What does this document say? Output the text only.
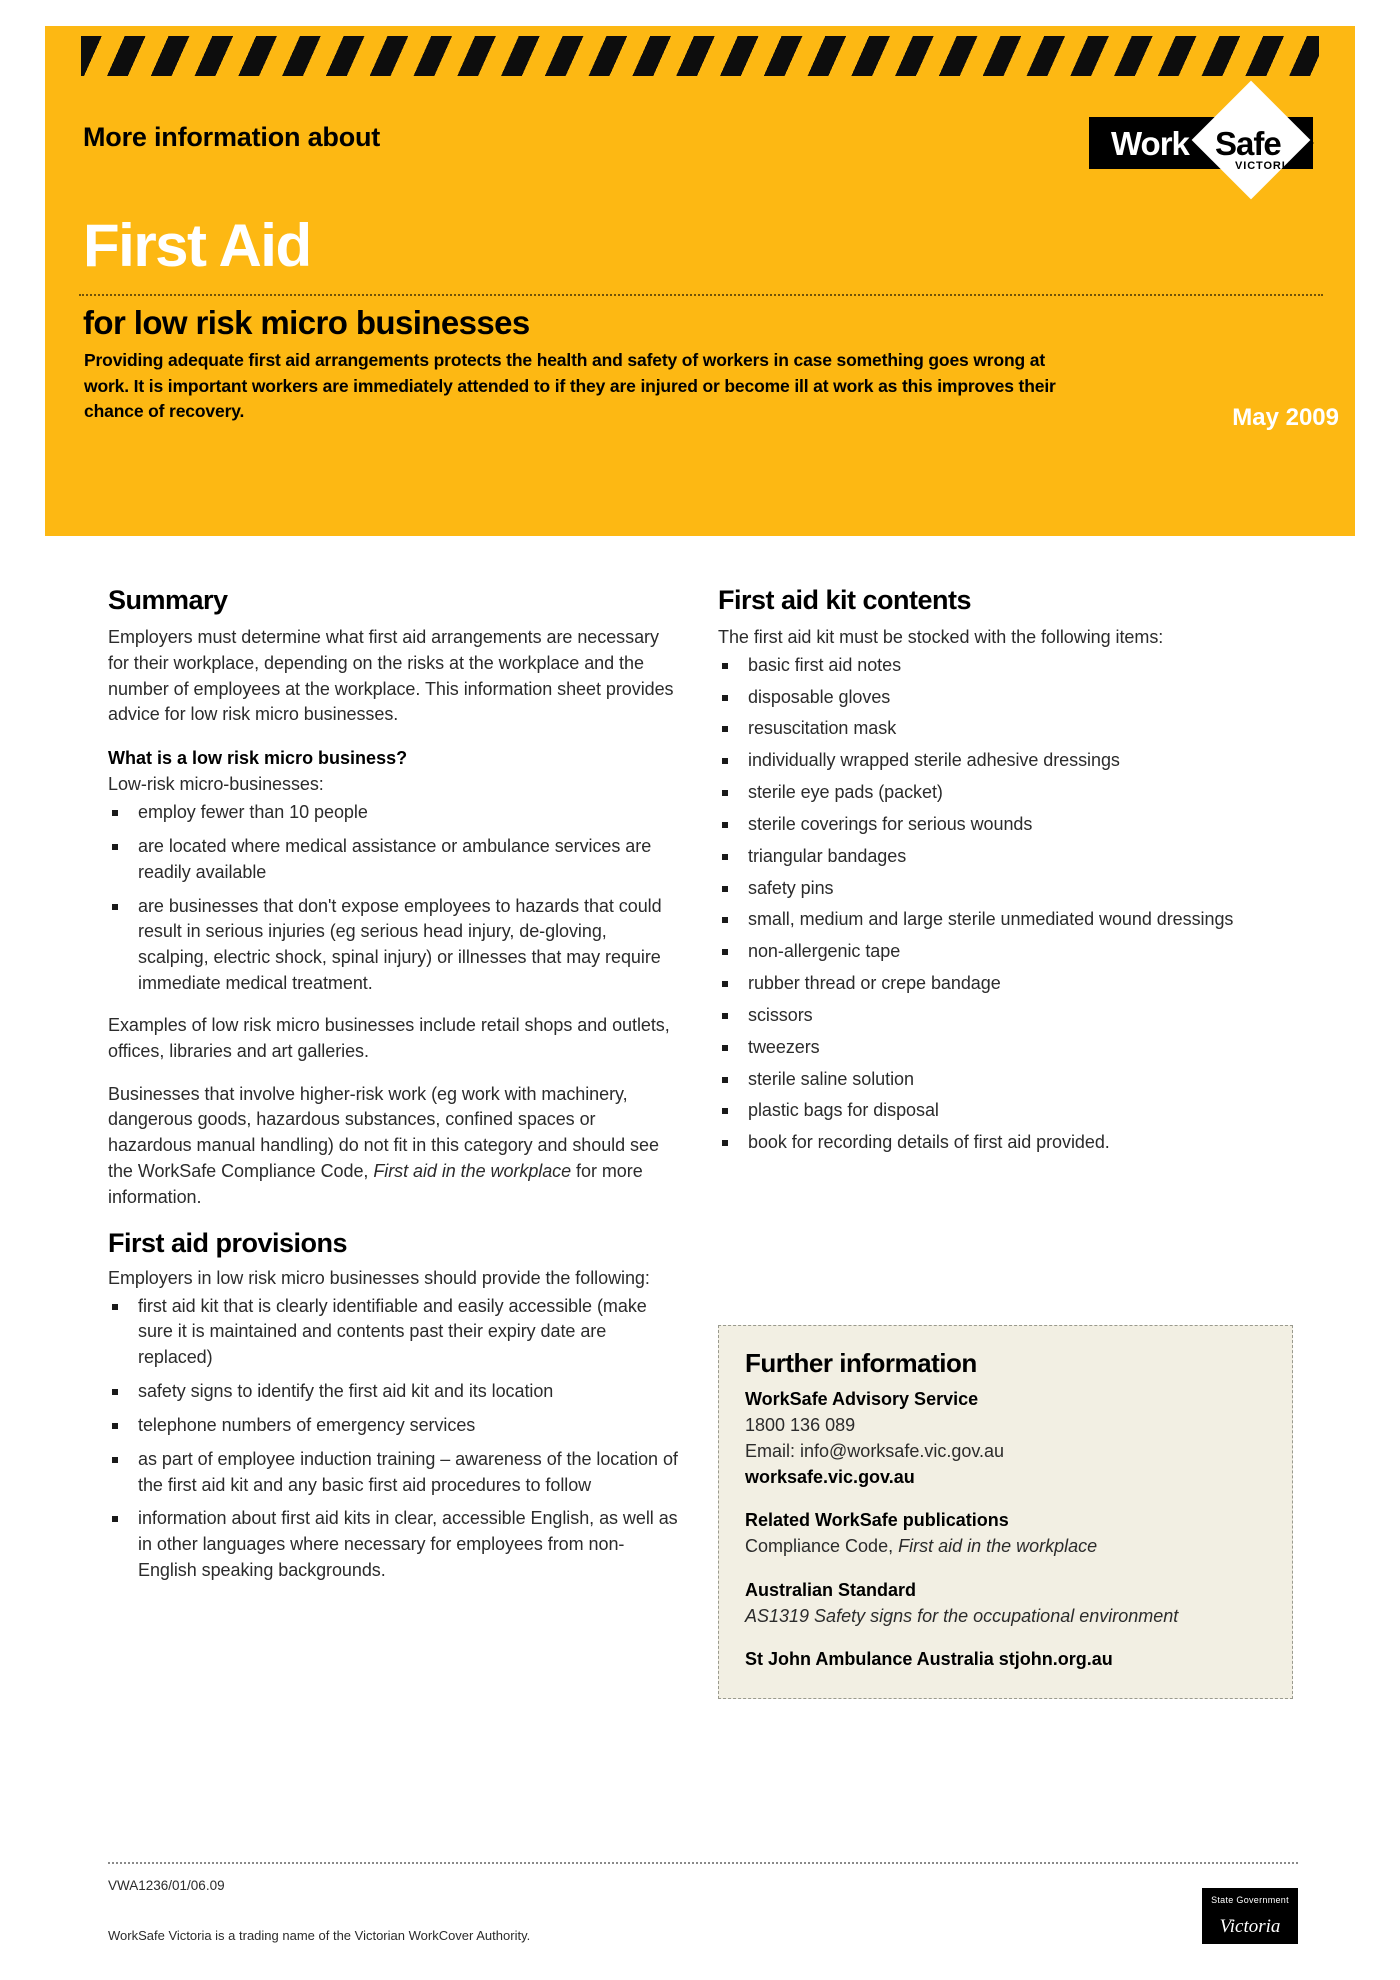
More information about	Work Safe
VICTORIA
First Aid
for low risk micro businesses
Providing adequate first aid arrangements protects the health and safety of workers in case something goes wrong at work. It is important workers are immediately attended to if they are injured or become ill at work as this improves their chance of recovery.	May 2009
Summary

Employers must determine what first aid arrangements are necessary for their workplace, depending on the risks at the workplace and the number of employees at the workplace. This information sheet provides advice for low risk micro businesses.

What is a low risk micro business?

Low-risk micro-businesses:

employ fewer than 10 people
are located where medical assistance or ambulance services are readily available
are businesses that don't expose employees to hazards that could result in serious injuries (eg serious head injury, de-gloving, scalping, electric shock, spinal injury) or illnesses that may require immediate medical treatment.

Examples of low risk micro businesses include retail shops and outlets, offices, libraries and art galleries.

Businesses that involve higher-risk work (eg work with machinery, dangerous goods, hazardous substances, confined spaces or hazardous manual handling) do not fit in this category and should see the WorkSafe Compliance Code, First aid in the workplace for more information.

First aid provisions

Employers in low risk micro businesses should provide the following:

first aid kit that is clearly identifiable and easily accessible (make sure it is maintained and contents past their expiry date are replaced)
safety signs to identify the first aid kit and its location
telephone numbers of emergency services
as part of employee induction training – awareness of the location of the first aid kit and any basic first aid procedures to follow
information about first aid kits in clear, accessible English, as well as in other languages where necessary for employees from non-English speaking backgrounds.
First aid kit contents

The first aid kit must be stocked with the following items:

basic first aid notes
disposable gloves
resuscitation mask
individually wrapped sterile adhesive dressings
sterile eye pads (packet)
sterile coverings for serious wounds
triangular bandages
safety pins
small, medium and large sterile unmediated wound dressings
non-allergenic tape
rubber thread or crepe bandage
scissors
tweezers
sterile saline solution
plastic bags for disposal
book for recording details of first aid provided.
Further information
WorkSafe Advisory Service
1800 136 089
Email: info@worksafe.vic.gov.au
worksafe.vic.gov.au
Related WorkSafe publications
Compliance Code, First aid in the workplace
Australian Standard
AS1319 Safety signs for the occupational environment
St John Ambulance Australia stjohn.org.au
VWA1236/01/06.09
WorkSafe Victoria is a trading name of the Victorian WorkCover Authority.
State Government
Victoria
